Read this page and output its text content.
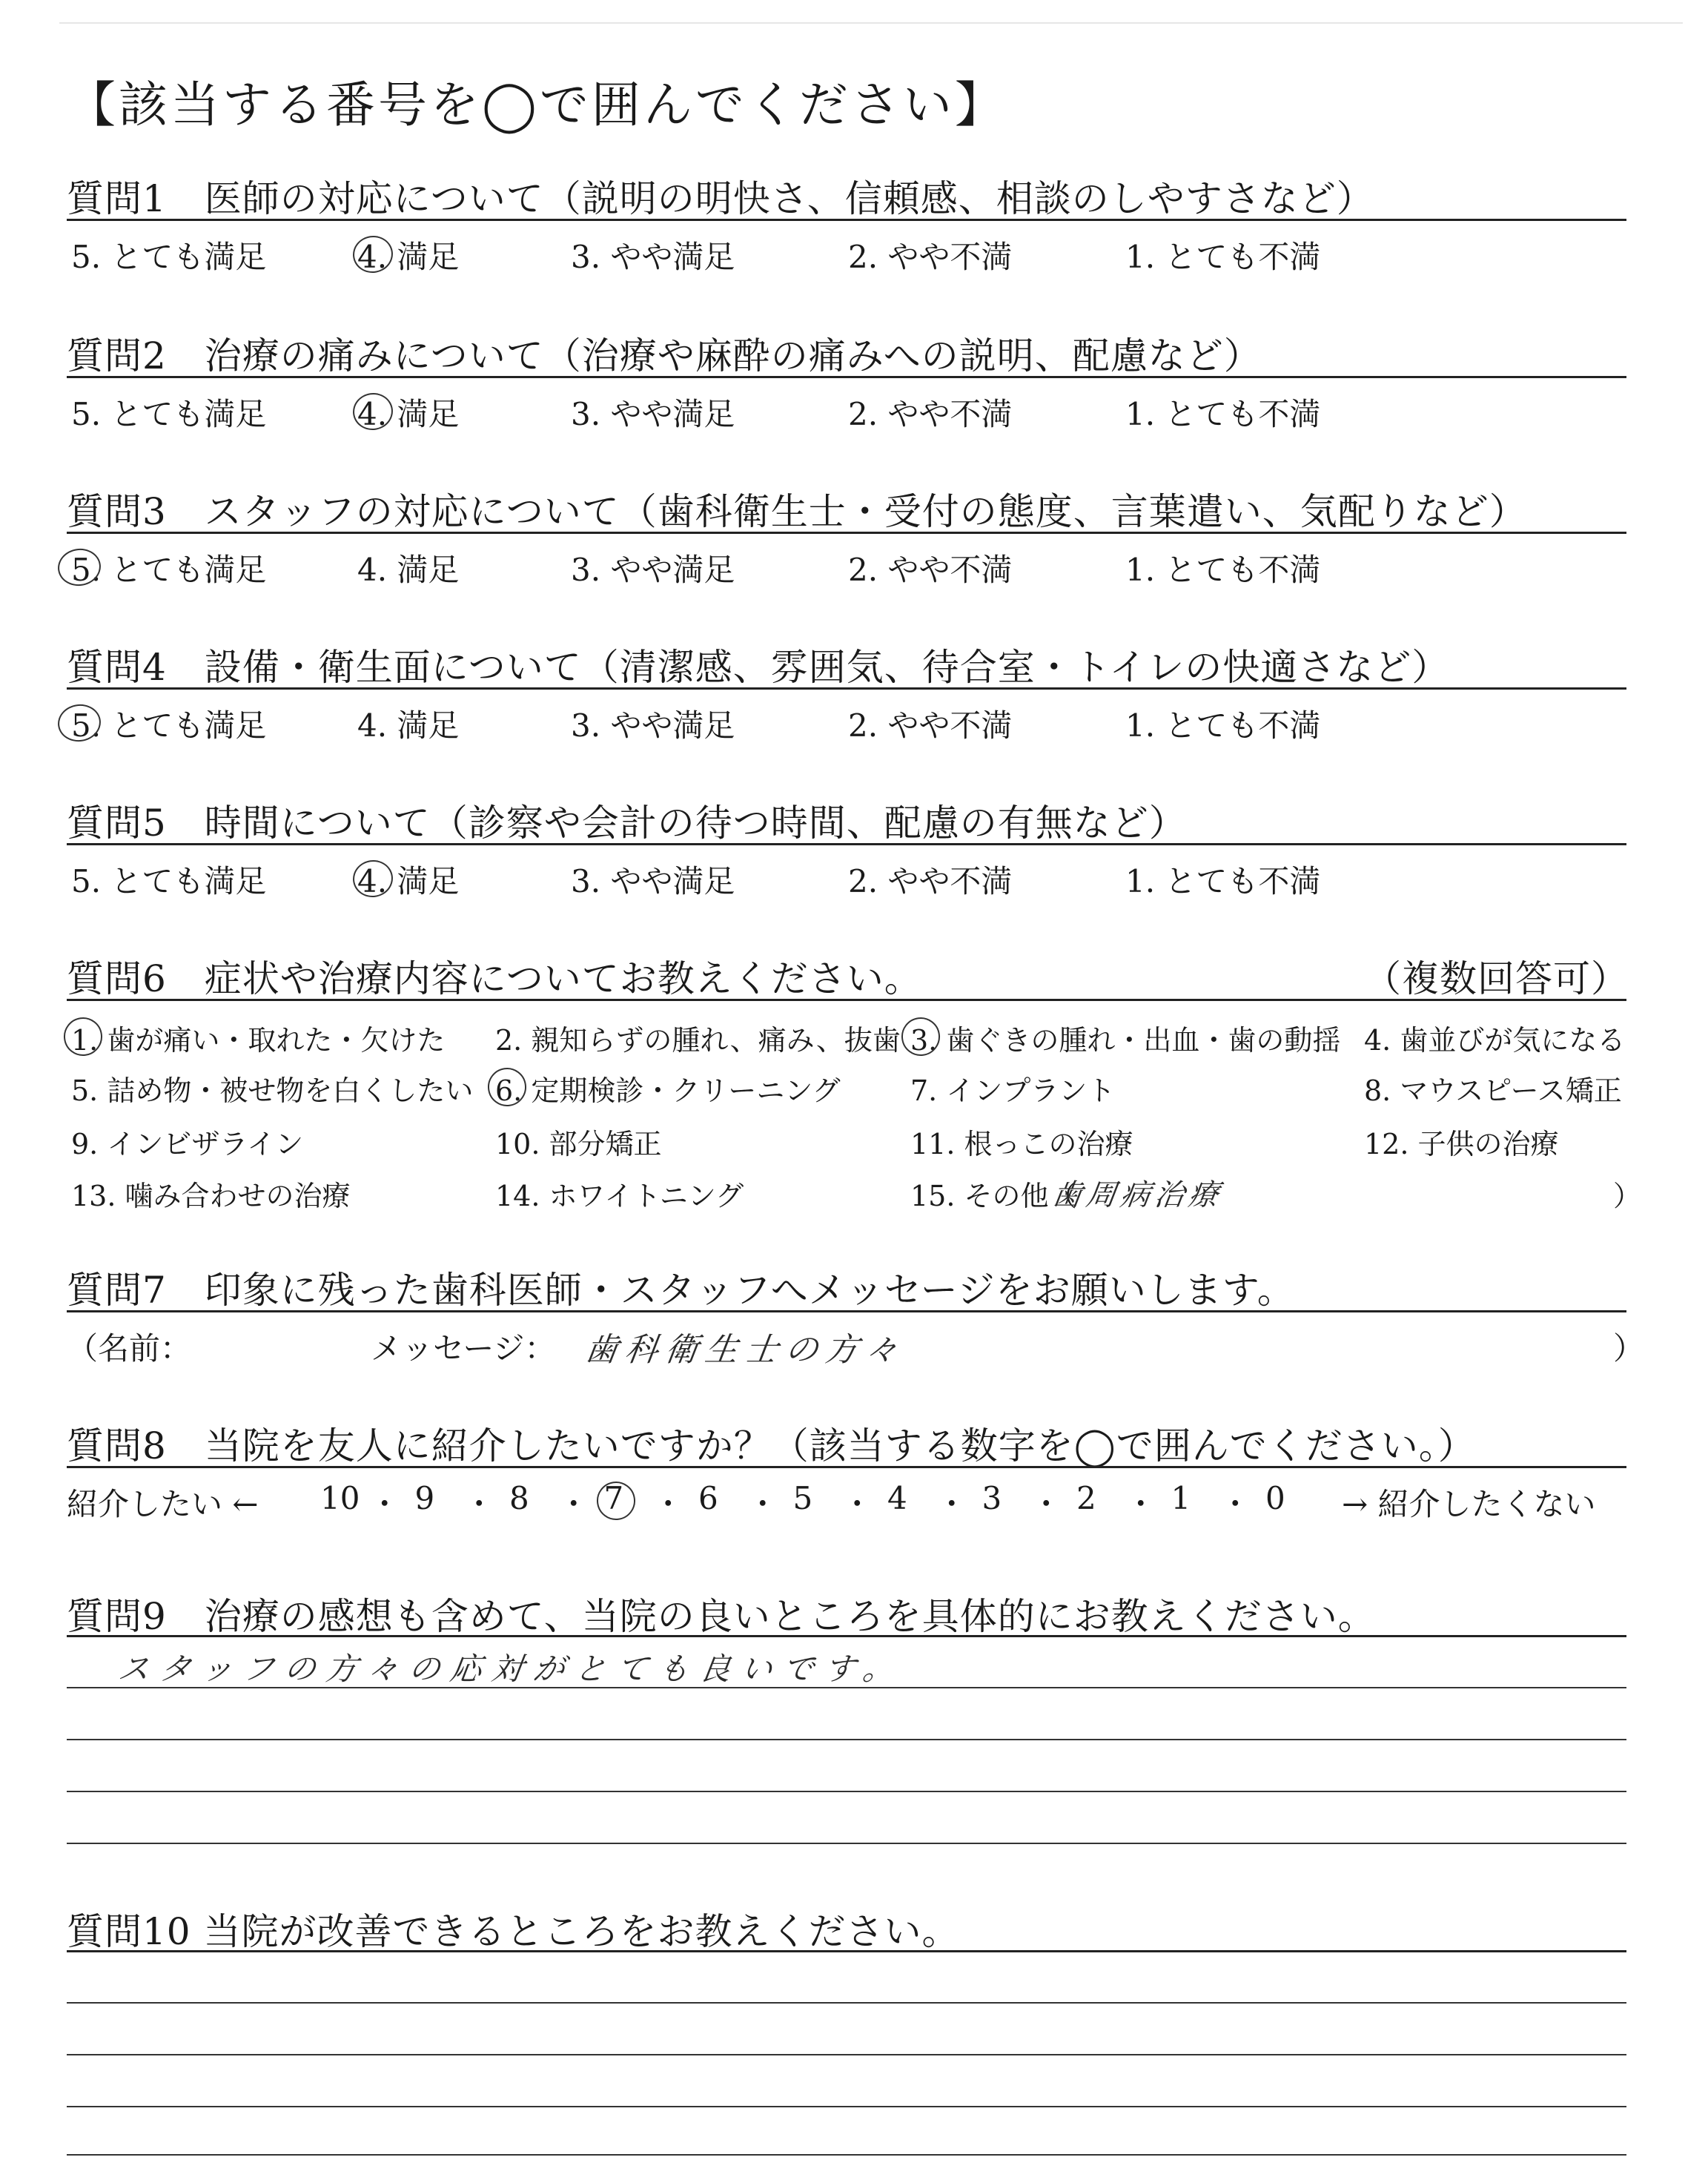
【該当する番号を◯で囲んでください】
質問1　医師の対応について（説明の明快さ、信頼感、相談のしやすさなど）
5. とても満足	4. 満足	3. やや満足	2. やや不満	1. とても不満
質問2　治療の痛みについて（治療や麻酔の痛みへの説明、配慮など）
5. とても満足	4. 満足	3. やや満足	2. やや不満	1. とても不満
質問3　スタッフの対応について（歯科衛生士・受付の態度、言葉遣い、気配りなど）
5. とても満足	4. 満足	3. やや満足	2. やや不満	1. とても不満
質問4　設備・衛生面について（清潔感、雰囲気、待合室・トイレの快適さなど）
5. とても満足	4. 満足	3. やや満足	2. やや不満	1. とても不満
質問5　時間について（診察や会計の待つ時間、配慮の有無など）
5. とても満足	4. 満足	3. やや満足	2. やや不満	1. とても不満
質問6　症状や治療内容についてお教えください。	（複数回答可）
1. 歯が痛い・取れた・欠けた 2. 親知らずの腫れ、痛み、抜歯 3. 歯ぐきの腫れ・出血・歯の動揺 4. 歯並びが気になる
5. 詰め物・被せ物を白くしたい 6. 定期検診・クリーニング 7. インプラント	8. マウスピース矯正
9. インビザライン	10. 部分矯正	11. 根っこの治療	12. 子供の治療
13. 噛み合わせの治療	14. ホワイトニング	15. その他（
歯周病治療	）
質問7　印象に残った歯科医師・スタッフへメッセージをお願いします。
（名前：	メッセージ： 歯科衛生士の方々	）
質問8　当院を友人に紹介したいですか？（該当する数字を◯で囲んでください。）
紹介したい ←	→ 紹介したくない
10 ・ 9 ・ 8 ・ 7 ・ 6 ・ 5 ・ 4 ・ 3 ・ 2 ・ 1 ・ 0
質問9　治療の感想も含めて、当院の良いところを具体的にお教えください。
スタッフの方々の応対がとても良いです。
質問10 当院が改善できるところをお教えください。
